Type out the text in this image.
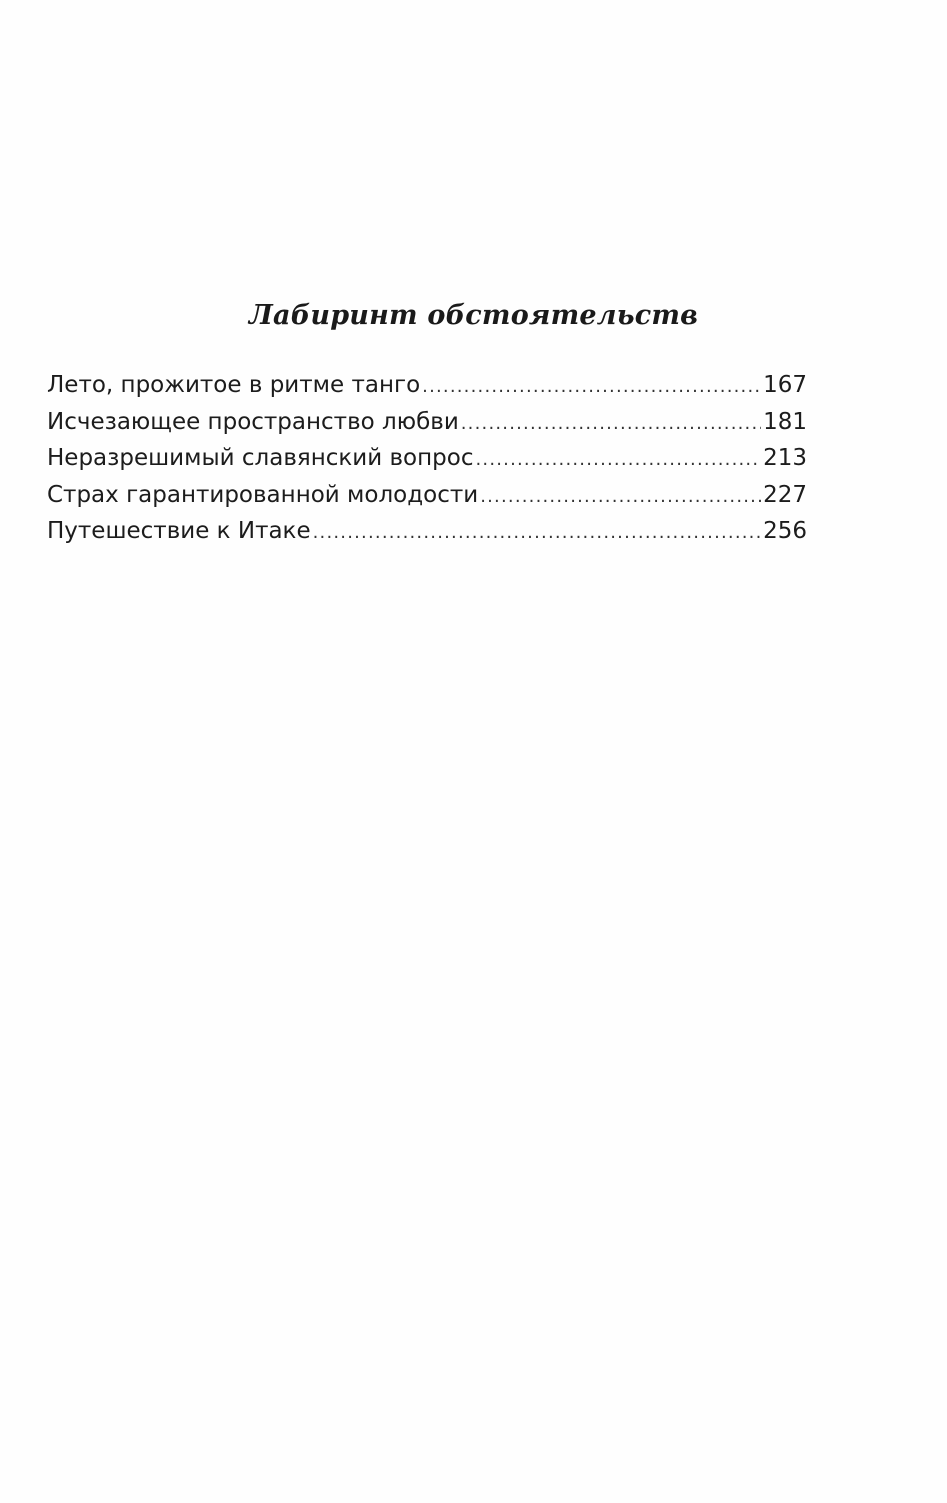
Лабиринт обстоятельств
Лето, прожитое в ритме танго .....	167
Исчезающее пространство любви .....	181
Неразрешимый славянский вопрос .....	213
Страх гарантированной молодости .....	227
Путешествие к Итаке .....	256
